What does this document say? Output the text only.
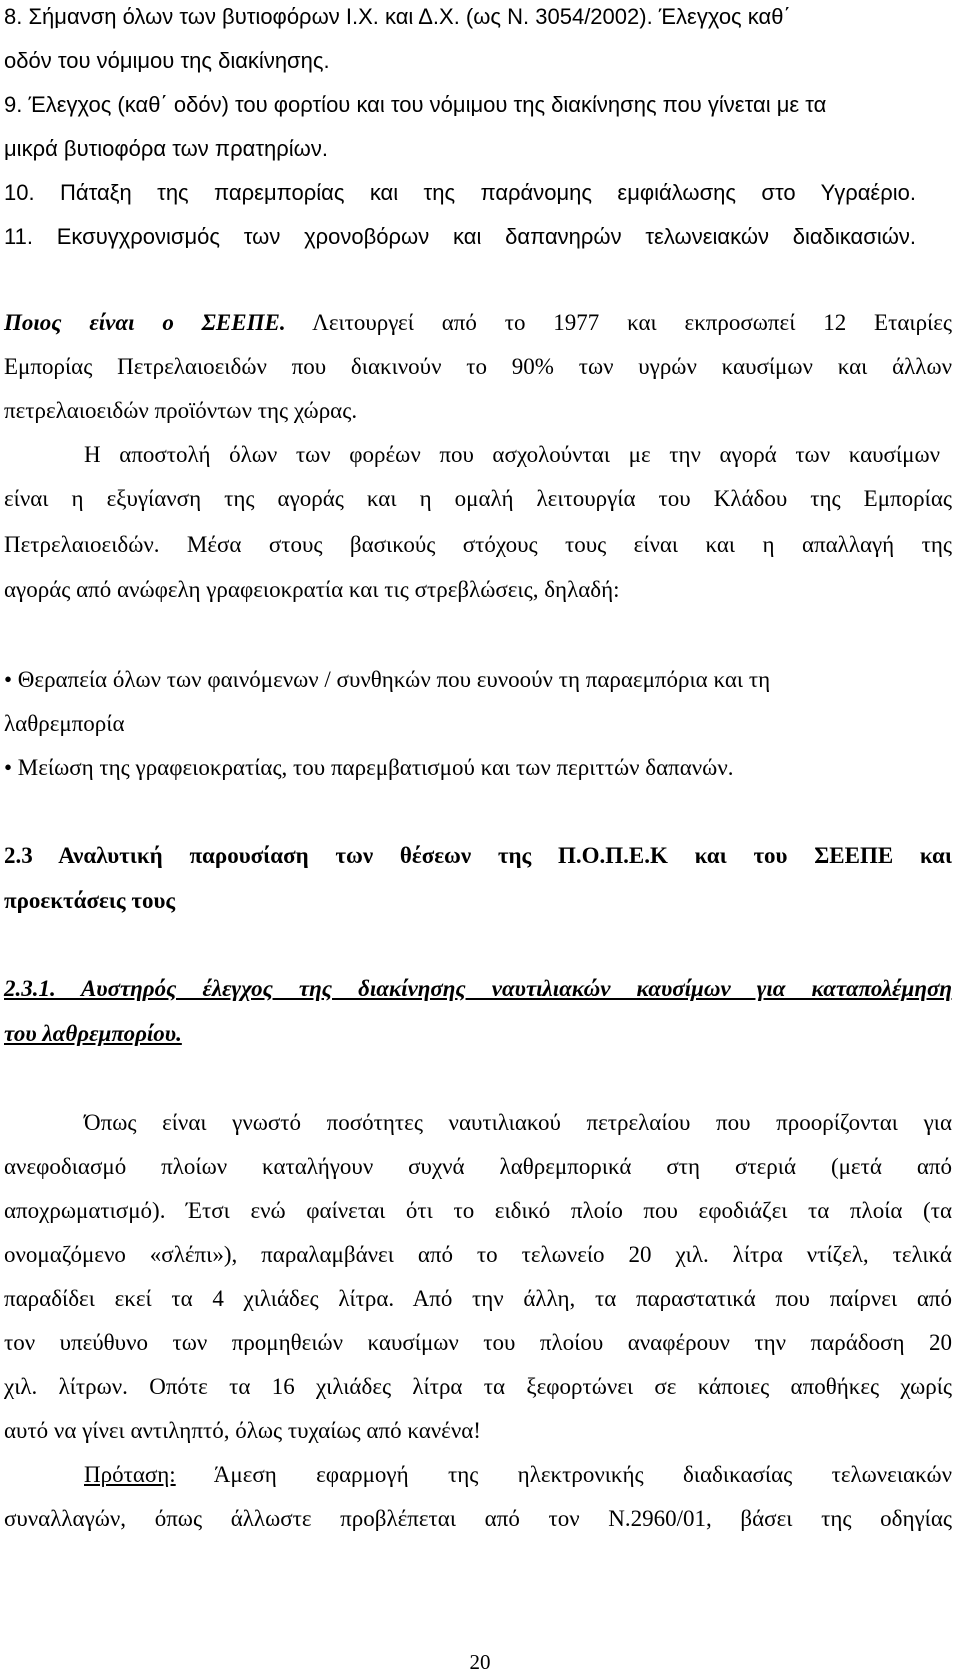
8. Σήμανση όλων των βυτιοφόρων Ι.Χ. και Δ.Χ. (ως Ν. 3054/2002). Έλεγχος καθ΄
οδόν του νόμιμου της διακίνησης.
9. Έλεγχος (καθ΄ οδόν) του φορτίου και του νόμιμου της διακίνησης που γίνεται με τα
μικρά βυτιοφόρα των πρατηρίων.
10. Πάταξη της παρεμπορίας και της παράνομης εμφιάλωσης στο Υγραέριο.
11. Εκσυγχρονισμός των χρονοβόρων και δαπανηρών τελωνειακών διαδικασιών.
Ποιος είναι ο ΣΕΕΠΕ. Λειτουργεί από το 1977 και εκπροσωπεί 12 Εταιρίες
Εμπορίας Πετρελαιοειδών που διακινούν το 90% των υγρών καυσίμων και άλλων
πετρελαιοειδών προϊόντων της χώρας.
Η αποστολή όλων των φορέων που ασχολούνται με την αγορά των καυσίμων
είναι η εξυγίανση της αγοράς και η ομαλή λειτουργία του Κλάδου της Εμπορίας
Πετρελαιοειδών. Μέσα στους βασικούς στόχους τους είναι και η απαλλαγή της
αγοράς από ανώφελη γραφειοκρατία και τις στρεβλώσεις, δηλαδή:
• Θεραπεία όλων των φαινόμενων / συνθηκών που ευνοούν τη παραεμπόρια και τη
λαθρεμπορία
• Μείωση της γραφειοκρατίας, του παρεμβατισμού και των περιττών δαπανών.
2.3 Αναλυτική παρουσίαση των θέσεων της Π.Ο.Π.Ε.Κ και του ΣΕΕΠΕ και
προεκτάσεις τους
2.3.1. Αυστηρός έλεγχος της διακίνησης ναυτιλιακών καυσίμων για καταπολέμηση
του λαθρεμπορίου.
Όπως είναι γνωστό ποσότητες ναυτιλιακού πετρελαίου που προορίζονται για
ανεφοδιασμό πλοίων καταλήγουν συχνά λαθρεμπορικά στη στεριά (μετά από
αποχρωματισμό). Έτσι ενώ φαίνεται ότι το ειδικό πλοίο που εφοδιάζει τα πλοία (τα
ονομαζόμενο «σλέπι»), παραλαμβάνει από το τελωνείο 20 χιλ. λίτρα ντίζελ, τελικά
παραδίδει εκεί τα 4 χιλιάδες λίτρα. Από την άλλη, τα παραστατικά που παίρνει από
τον υπεύθυνο των προμηθειών καυσίμων του πλοίου αναφέρουν την παράδοση 20
χιλ. λίτρων. Οπότε τα 16 χιλιάδες λίτρα τα ξεφορτώνει σε κάποιες αποθήκες χωρίς
αυτό να γίνει αντιληπτό, όλως τυχαίως από κανένα!
Πρόταση: Άμεση εφαρμογή της ηλεκτρονικής διαδικασίας τελωνειακών
συναλλαγών, όπως άλλωστε προβλέπεται από τον Ν.2960/01, βάσει της οδηγίας
20
